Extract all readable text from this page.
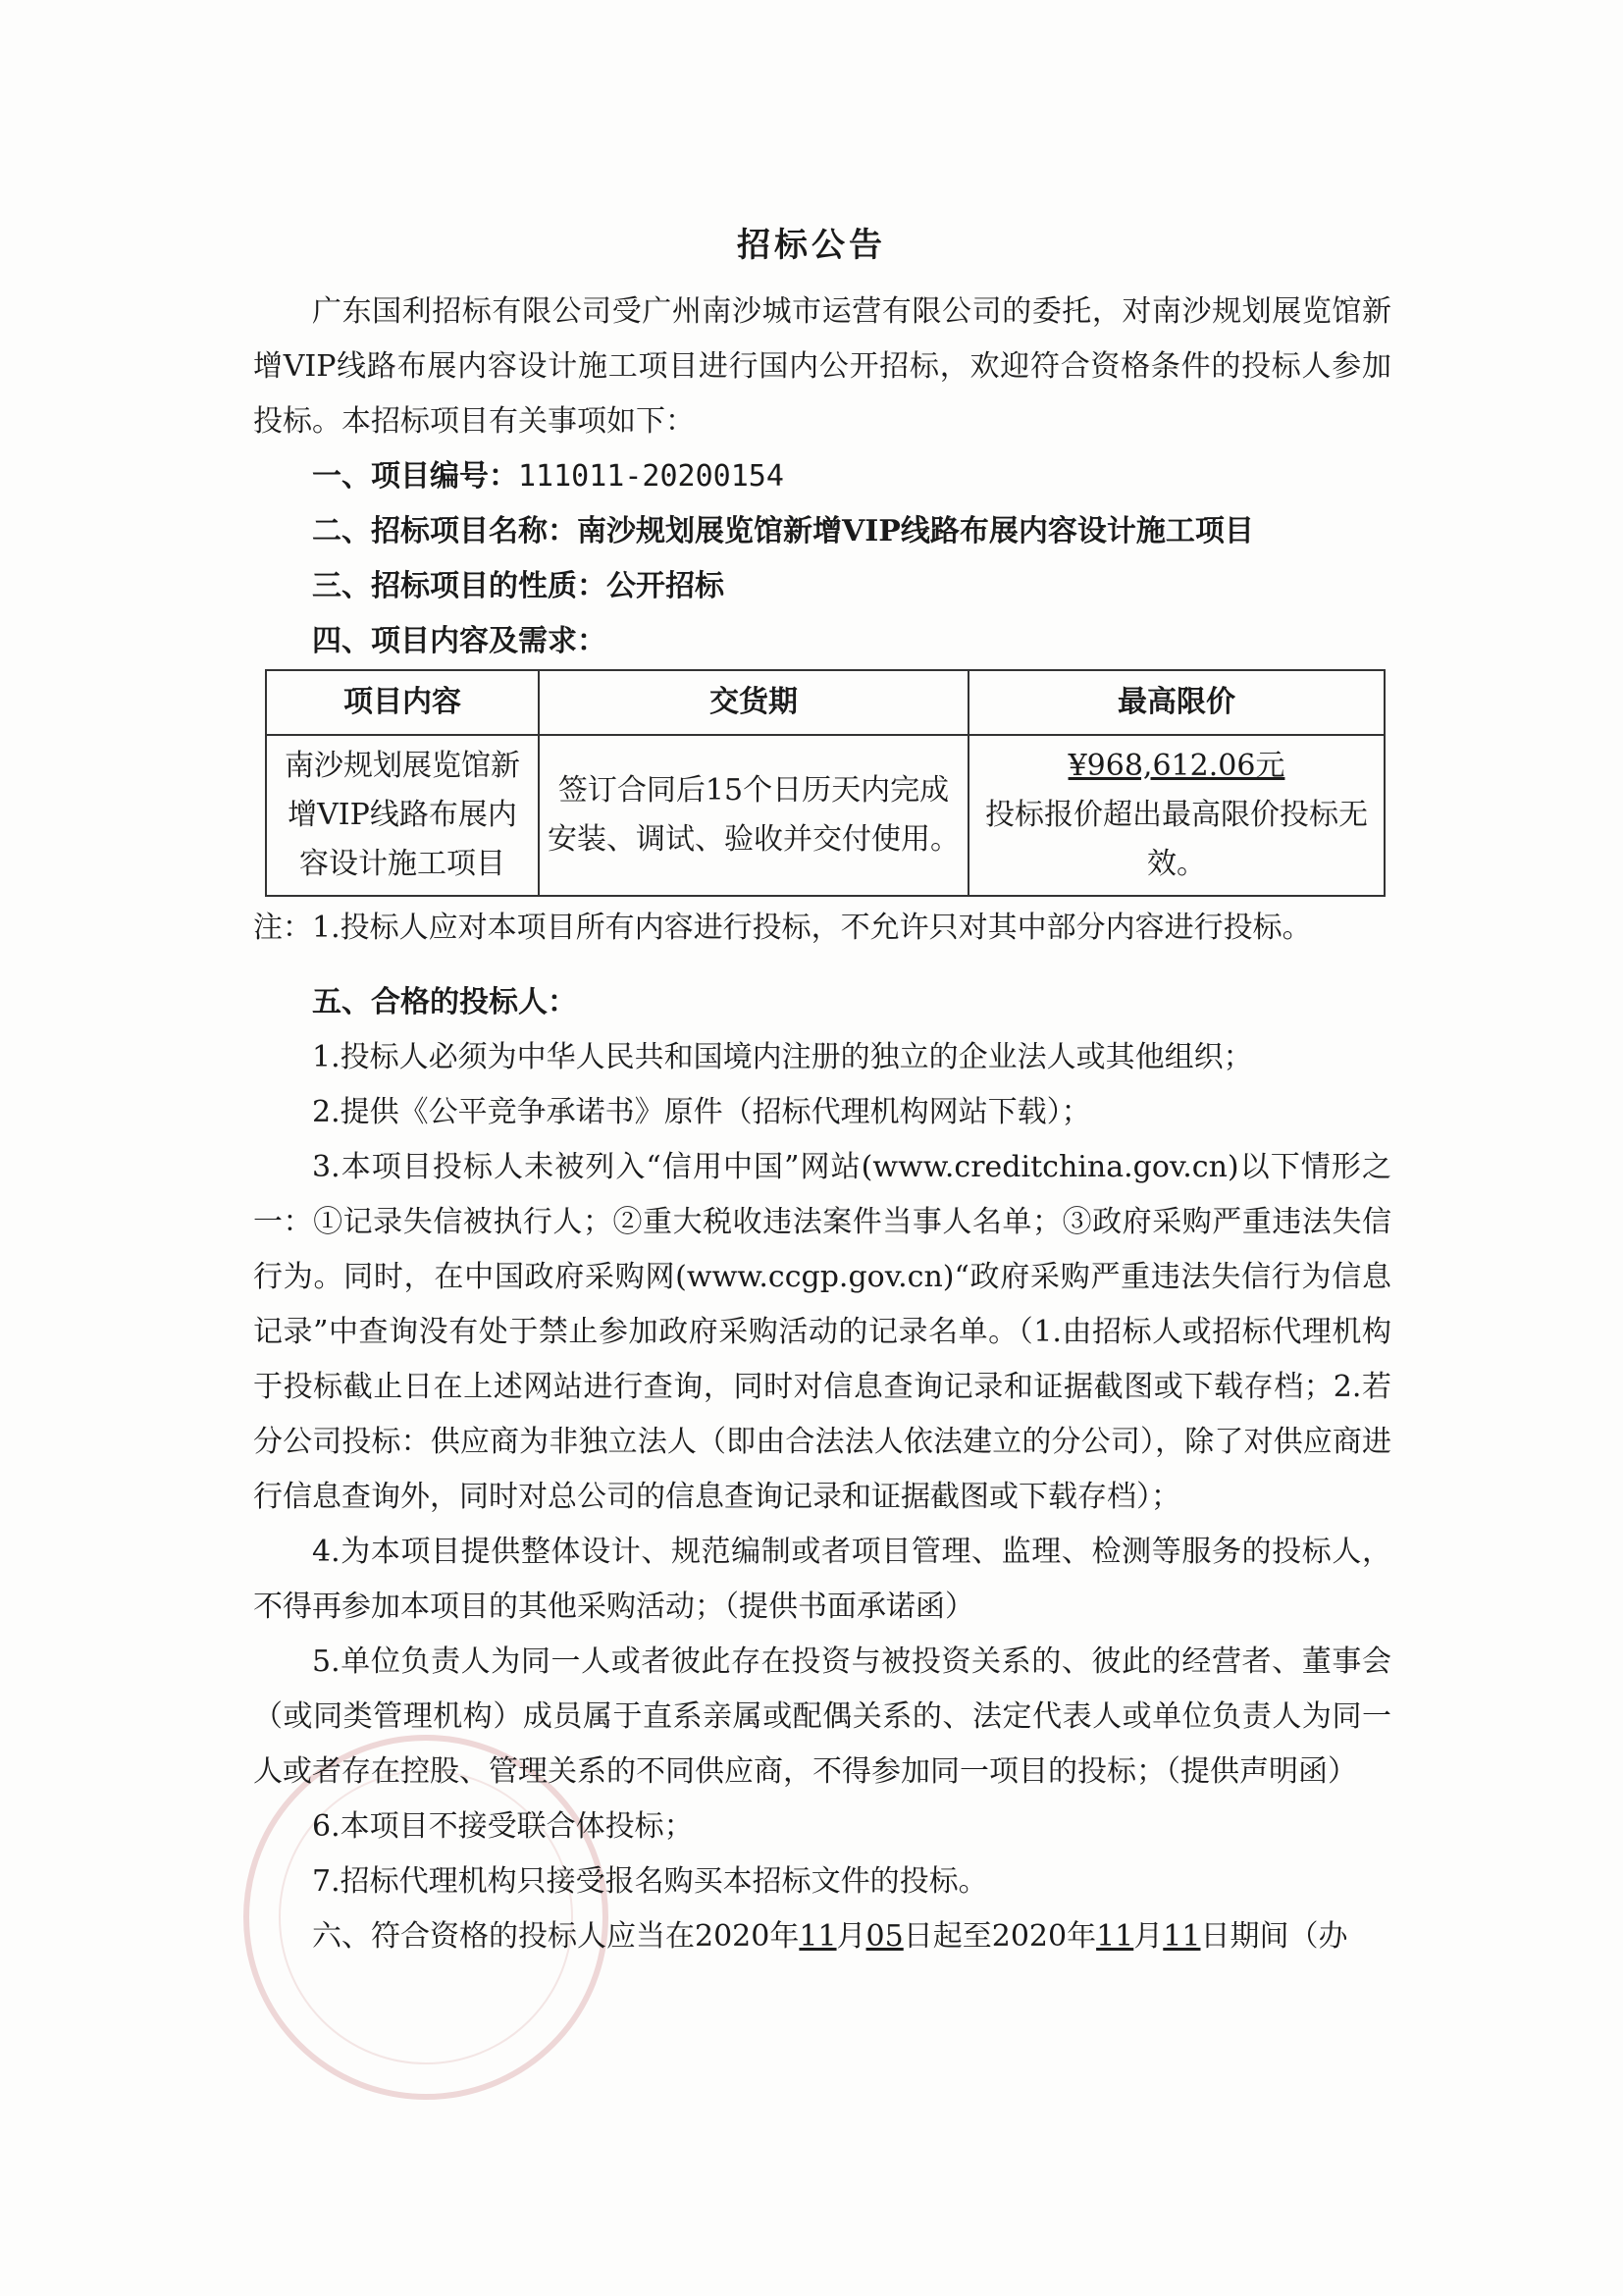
招标公告

广东国利招标有限公司受广州南沙城市运营有限公司的委托，对南沙规划展览馆新增VIP线路布展内容设计施工项目进行国内公开招标，欢迎符合资格条件的投标人参加投标。本招标项目有关事项如下：

一、项目编号：111011-20200154

二、招标项目名称：南沙规划展览馆新增VIP线路布展内容设计施工项目

三、招标项目的性质：公开招标

四、项目内容及需求：

项目内容	交货期	最高限价
南沙规划展览馆新增VIP线路布展内容设计施工项目	签订合同后15个日历天内完成安装、调试、验收并交付使用。	¥968,612.06元
投标报价超出最高限价投标无效。

注：1.投标人应对本项目所有内容进行投标，不允许只对其中部分内容进行投标。

五、合格的投标人：

1.投标人必须为中华人民共和国境内注册的独立的企业法人或其他组织；

2.提供《公平竞争承诺书》原件（招标代理机构网站下载）；

3.本项目投标人未被列入“信用中国”网站(www.creditchina.gov.cn)以下情形之一：①记录失信被执行人；②重大税收违法案件当事人名单；③政府采购严重违法失信行为。同时，在中国政府采购网(www.ccgp.gov.cn)“政府采购严重违法失信行为信息记录”中查询没有处于禁止参加政府采购活动的记录名单。（1.由招标人或招标代理机构于投标截止日在上述网站进行查询，同时对信息查询记录和证据截图或下载存档；2.若分公司投标：供应商为非独立法人（即由合法法人依法建立的分公司），除了对供应商进行信息查询外，同时对总公司的信息查询记录和证据截图或下载存档）；

4.为本项目提供整体设计、规范编制或者项目管理、监理、检测等服务的投标人，不得再参加本项目的其他采购活动；（提供书面承诺函）

5.单位负责人为同一人或者彼此存在投资与被投资关系的、彼此的经营者、董事会（或同类管理机构）成员属于直系亲属或配偶关系的、法定代表人或单位负责人为同一人或者存在控股、管理关系的不同供应商，不得参加同一项目的投标；（提供声明函）

6.本项目不接受联合体投标；

7.招标代理机构只接受报名购买本招标文件的投标。

六、符合资格的投标人应当在2020年11月05日起至2020年11月11日期间（办
